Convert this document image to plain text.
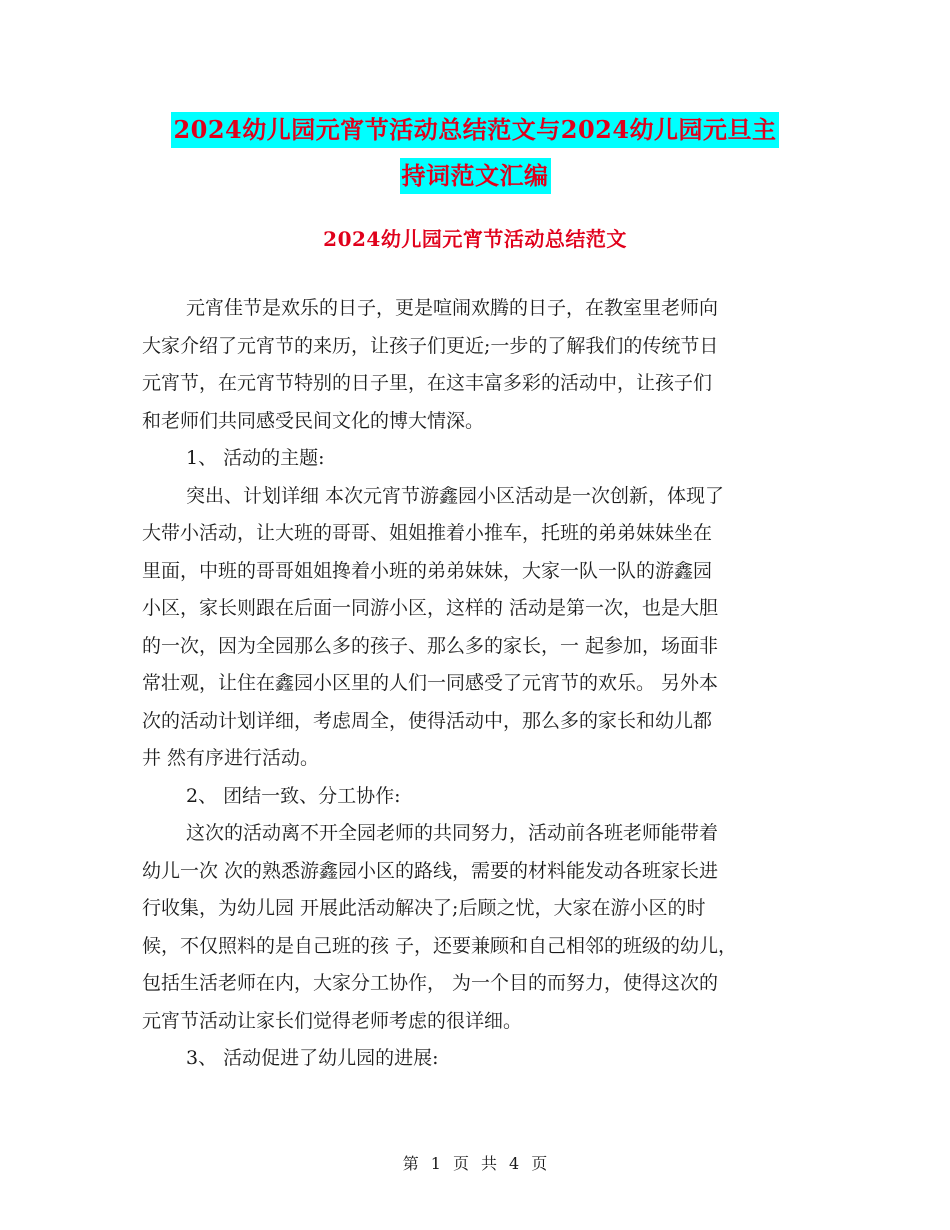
2024幼儿园元宵节活动总结范文与2024幼儿园元旦主
持词范文汇编
2024幼儿园元宵节活动总结范文
元宵佳节是欢乐的日子，更是喧闹欢腾的日子，在教室里老师向
大家介绍了元宵节的来历，让孩子们更近;一步的了解我们的传统节日
元宵节，在元宵节特别的日子里，在这丰富多彩的活动中，让孩子们
和老师们共同感受民间文化的博大情深。
1、 活动的主题:
突出、计划详细 本次元宵节游鑫园小区活动是一次创新，体现了
大带小活动，让大班的哥哥、姐姐推着小推车，托班的弟弟妹妹坐在
里面，中班的哥哥姐姐搀着小班的弟弟妹妹，大家一队一队的游鑫园
小区，家长则跟在后面一同游小区，这样的 活动是第一次，也是大胆
的一次，因为全园那么多的孩子、那么多的家长，一 起参加，场面非
常壮观，让住在鑫园小区里的人们一同感受了元宵节的欢乐。 另外本
次的活动计划详细，考虑周全，使得活动中，那么多的家长和幼儿都
井 然有序进行活动。
2、 团结一致、分工协作:
这次的活动离不开全园老师的共同努力，活动前各班老师能带着
幼儿一次 次的熟悉游鑫园小区的路线，需要的材料能发动各班家长进
行收集，为幼儿园 开展此活动解决了;后顾之忧，大家在游小区的时
候，不仅照料的是自己班的孩 子，还要兼顾和自己相邻的班级的幼儿，
包括生活老师在内，大家分工协作， 为一个目的而努力，使得这次的
元宵节活动让家长们觉得老师考虑的很详细。
3、 活动促进了幼儿园的进展:
第 1 页 共 4 页
